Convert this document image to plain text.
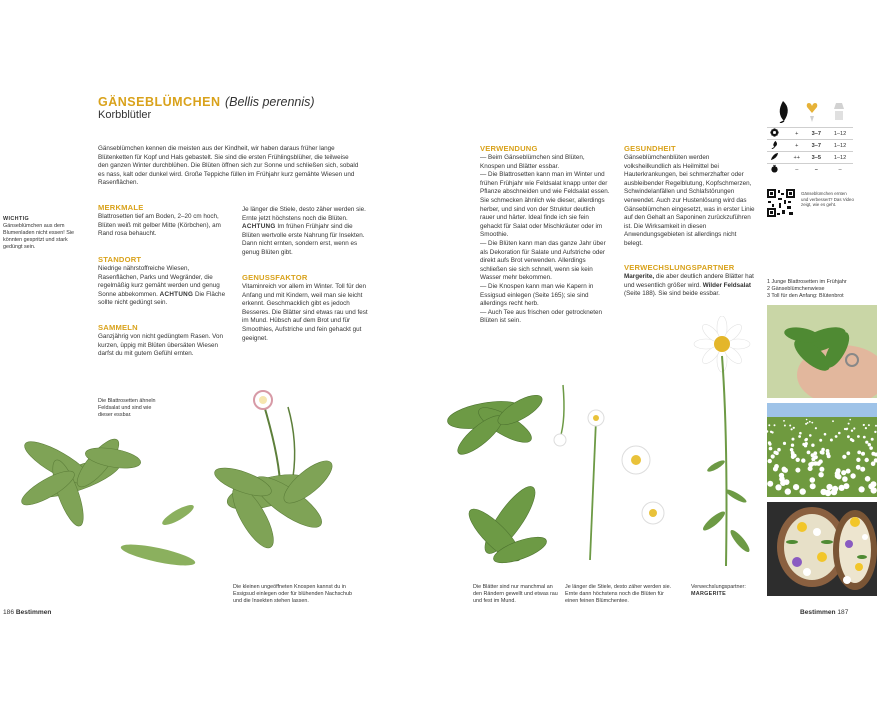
GÄNSEBLÜMCHEN (Bellis perennis)
Korbblütler
Gänseblümchen kennen die meisten aus der Kindheit, wir haben daraus früher lange Blütenketten für Kopf und Hals gebastelt. Sie sind die ersten Frühlingsblüher, die teilweise den ganzen Winter durchblühen. Die Blüten öffnen sich zur Sonne und schließen sich, sobald es nass, kalt oder dunkel wird. Große Teppiche füllen im Frühjahr kurz gemähte Wiesen und Rasenflächen.
WICHTIG
Gänseblümchen aus dem Blumenladen nicht essen! Sie könnten gespritzt und stark gedüngt sein.
MERKMALE
Blattrosetten tief am Boden, 2–20 cm hoch, Blüten weiß mit gelber Mitte (Körbchen), am Rand rosa behaucht.
STANDORT
Niedrige nährstoffreiche Wiesen, Rasenflächen, Parks und Wegränder, die regelmäßig kurz gemäht werden und genug Sonne abbekommen. ACHTUNG Die Fläche sollte nicht gedüngt sein.
SAMMELN
Ganzjährig von nicht gedüngtem Rasen. Von kurzen, üppig mit Blüten übersäten Wiesen darfst du mit gutem Gefühl ernten.
Je länger die Stiele, desto zäher werden sie. Ernte jetzt höchstens noch die Blüten. ACHTUNG Im frühen Frühjahr sind die Blüten wertvolle erste Nahrung für Insekten. Dann nicht ernten, sondern erst, wenn es genug Blüten gibt.
GENUSSFAKTOR
Vitaminreich vor allem im Winter. Toll für den Anfang und mit Kindern, weil man sie leicht erkennt. Geschmacklich gibt es jedoch Besseres. Die Blätter sind etwas rau und fest im Mund. Hübsch auf dem Brot und für Smoothies, Aufstriche und fein gehackt gut geeignet.
Die Blattrosetten ähneln Feldsalat und sind wie dieser essbar.
Die kleinen ungeöffneten Knospen kannst du in Essigsud einlegen oder für blühenden Nachschub und die Insekten stehen lassen.
186 Bestimmen
VERWENDUNG
— Beim Gänseblümchen sind Blüten, Knospen und Blätter essbar.
— Die Blattrosetten kann man im Winter und frühen Frühjahr wie Feldsalat knapp unter der Pflanze abschneiden und wie Feldsalat essen. Sie schmecken ähnlich wie dieser, allerdings herber, und sind von der Struktur deutlich rauer und härter. Ideal finde ich sie fein gehackt für Salat oder Mischkräuter oder im Smoothie.
— Die Blüten kann man das ganze Jahr über als Dekoration für Salate und Aufstriche oder direkt aufs Brot verwenden. Allerdings schließen sie sich schnell, wenn sie kein Wasser mehr bekommen.
— Die Knospen kann man wie Kapern in Essigsud einlegen (Seite 165); sie sind allerdings recht herb.
— Auch Tee aus frischen oder getrockneten Blüten ist sein.
GESUNDHEIT
Gänseblümchenblüten werden volksheilkundlich als Heilmittel bei Hauterkrankungen, bei schmerzhafter oder ausbleibender Regelblutung, Kopfschmerzen, Schwindelanfällen und Schlafstörungen verwendet. Auch zur Hustenlösung wird das Gänseblümchen eingesetzt, was in erster Linie auf den Gehalt an Saponinen zurückzuführen ist. Die Wirksamkeit in diesen Anwendungsgebieten ist allerdings nicht belegt.
VERWECHSLUNGSPARTNER
Margerite, die aber deutlich andere Blätter hat und wesentlich größer wird. Wilder Feldsalat (Seite 188). Sie sind beide essbar.
	+	3–7	1–12
	+	3–7	1–12
	++	3–5	1–12
	–	–	–
Gänseblümchen ernten und verbessert? Das Video zeigt, wie es geht.
1 Junge Blattrosetten im Frühjahr
2 Gänseblümchenwiese
3 Toll für den Anfang: Blütenbrot
Die Blätter sind nur manchmal an den Rändern gewellt und etwas rau und fest im Mund.
Je länger die Stiele, desto zäher werden sie. Ernte dann höchstens noch die Blüten für einen feinen Blümchentee.
Verwechslungspartner:
MARGERITE
Bestimmen 187
